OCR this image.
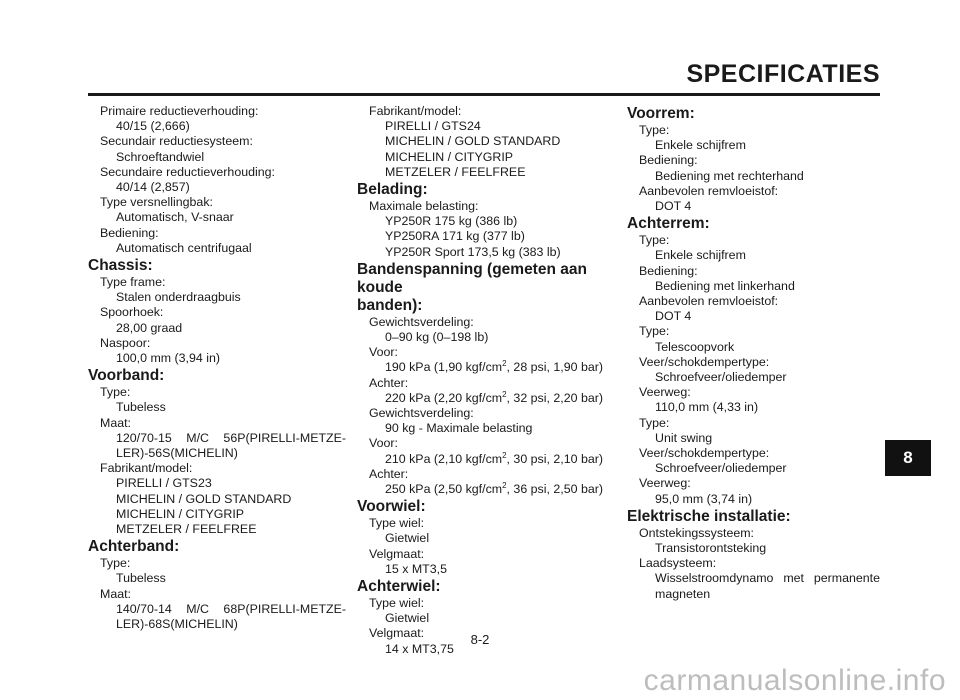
SPECIFICATIES
Primaire reductieverhouding:
40/15 (2,666)
Secundair reductiesysteem:
Schroeftandwiel
Secundaire reductieverhouding:
40/14 (2,857)
Type versnellingbak:
Automatisch, V-snaar
Bediening:
Automatisch centrifugaal
Chassis:
Type frame:
Stalen onderdraagbuis
Spoorhoek:
28,00 graad
Naspoor:
100,0 mm (3,94 in)
Voorband:
Type:
Tubeless
Maat:
120/70-15 M/C 56P(PIRELLI-METZE-
LER)-56S(MICHELIN)
Fabrikant/model:
PIRELLI / GTS23
MICHELIN / GOLD STANDARD
MICHELIN / CITYGRIP
METZELER / FEELFREE
Achterband:
Type:
Tubeless
Maat:
140/70-14 M/C 68P(PIRELLI-METZE-
LER)-68S(MICHELIN)
Fabrikant/model:
PIRELLI / GTS24
MICHELIN / GOLD STANDARD
MICHELIN / CITYGRIP
METZELER / FEELFREE
Belading:
Maximale belasting:
YP250R 175 kg (386 lb)
YP250RA 171 kg (377 lb)
YP250R Sport 173,5 kg (383 lb)
Bandenspanning (gemeten aan koude
banden):
Gewichtsverdeling:
0–90 kg (0–198 lb)
Voor:
190 kPa (1,90 kgf/$cm^2$, 28 psi, 1,90 bar)
Achter:
220 kPa (2,20 kgf/$cm^2$, 32 psi, 2,20 bar)
Gewichtsverdeling:
90 kg - Maximale belasting
Voor:
210 kPa (2,10 kgf/$cm^2$, 30 psi, 2,10 bar)
Achter:
250 kPa (2,50 kgf/$cm^2$, 36 psi, 2,50 bar)
Voorwiel:
Type wiel:
Gietwiel
Velgmaat:
15 x MT3,5
Achterwiel:
Type wiel:
Gietwiel
Velgmaat:
14 x MT3,75
Voorrem:
Type:
Enkele schijfrem
Bediening:
Bediening met rechterhand
Aanbevolen remvloeistof:
DOT 4
Achterrem:
Type:
Enkele schijfrem
Bediening:
Bediening met linkerhand
Aanbevolen remvloeistof:
DOT 4
Type:
Telescoopvork
Veer/schokdempertype:
Schroefveer/oliedemper
Veerweg:
110,0 mm (4,33 in)
Type:
Unit swing
Veer/schokdempertype:
Schroefveer/oliedemper
Veerweg:
95,0 mm (3,74 in)
Elektrische installatie:
Ontstekingssysteem:
Transistorontsteking
Laadsysteem:
Wisselstroomdynamo met permanente
magneten
8
8-2
carmanualsonline.info
